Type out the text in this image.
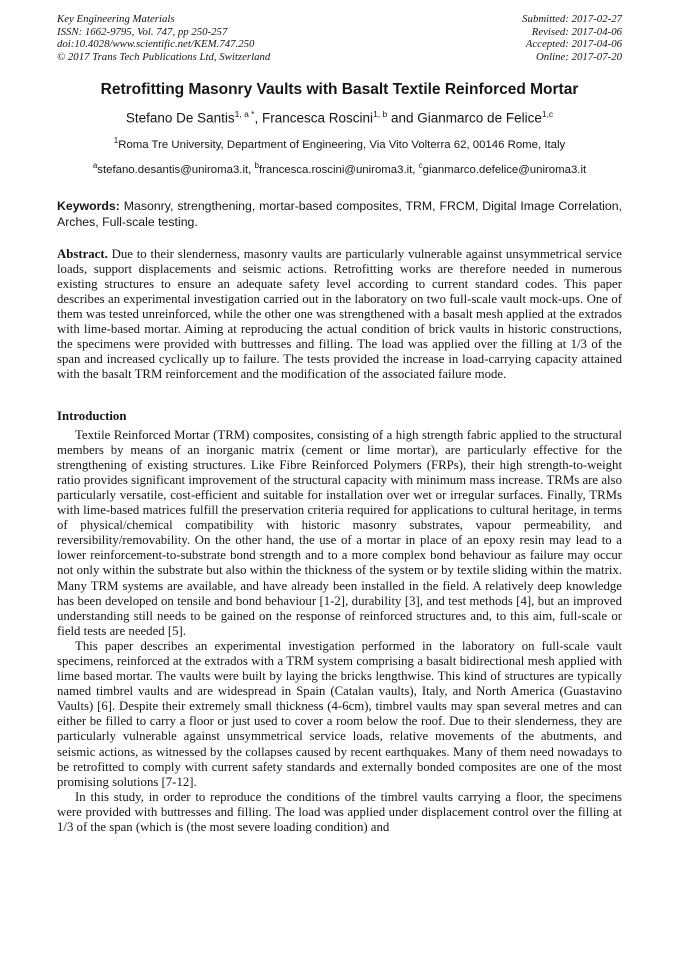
Key Engineering Materials
ISSN: 1662-9795, Vol. 747, pp 250-257
doi:10.4028/www.scientific.net/KEM.747.250
© 2017 Trans Tech Publications Ltd, Switzerland
Submitted: 2017-02-27
Revised: 2017-04-06
Accepted: 2017-04-06
Online: 2017-07-20
Retrofitting Masonry Vaults with Basalt Textile Reinforced Mortar
Stefano De Santis$^{1, a *}$, Francesca Roscini$^{1, b}$ and Gianmarco de Felice$^{1,c}$
$^1$Roma Tre University, Department of Engineering, Via Vito Volterra 62, 00146 Rome, Italy
$^a$stefano.desantis@uniroma3.it, $^b$francesca.roscini@uniroma3.it, $^c$gianmarco.defelice@uniroma3.it

Keywords: Masonry, strengthening, mortar-based composites, TRM, FRCM, Digital Image Correlation, Arches, Full-scale testing.

Abstract. Due to their slenderness, masonry vaults are particularly vulnerable against unsymmetrical service loads, support displacements and seismic actions. Retrofitting works are therefore needed in numerous existing structures to ensure an adequate safety level according to current standard codes. This paper describes an experimental investigation carried out in the laboratory on two full-scale vault mock-ups. One of them was tested unreinforced, while the other one was strengthened with a basalt mesh applied at the extrados with lime-based mortar. Aiming at reproducing the actual condition of brick vaults in historic constructions, the specimens were provided with buttresses and filling. The load was applied over the filling at 1/3 of the span and increased cyclically up to failure. The tests provided the increase in load-carrying capacity attained with the basalt TRM reinforcement and the modification of the associated failure mode.

Introduction

Textile Reinforced Mortar (TRM) composites, consisting of a high strength fabric applied to the structural members by means of an inorganic matrix (cement or lime mortar), are particularly effective for the strengthening of existing structures. Like Fibre Reinforced Polymers (FRPs), their high strength-to-weight ratio provides significant improvement of the structural capacity with minimum mass increase. TRMs are also particularly versatile, cost-efficient and suitable for installation over wet or irregular surfaces. Finally, TRMs with lime-based matrices fulfill the preservation criteria required for applications to cultural heritage, in terms of physical/chemical compatibility with historic masonry substrates, vapour permeability, and reversibility/removability. On the other hand, the use of a mortar in place of an epoxy resin may lead to a lower reinforcement-to-substrate bond strength and to a more complex bond behaviour as failure may occur not only within the substrate but also within the thickness of the system or by textile sliding within the matrix. Many TRM systems are available, and have already been installed in the field. A relatively deep knowledge has been developed on tensile and bond behaviour [1-2], durability [3], and test methods [4], but an improved understanding still needs to be gained on the response of reinforced structures and, to this aim, full-scale or field tests are needed [5].

This paper describes an experimental investigation performed in the laboratory on full-scale vault specimens, reinforced at the extrados with a TRM system comprising a basalt bidirectional mesh applied with lime based mortar. The vaults were built by laying the bricks lengthwise. This kind of structures are typically named timbrel vaults and are widespread in Spain (Catalan vaults), Italy, and North America (Guastavino Vaults) [6]. Despite their extremely small thickness (4-6cm), timbrel vaults may span several metres and can either be filled to carry a floor or just used to cover a room below the roof. Due to their slenderness, they are particularly vulnerable against unsymmetrical service loads, relative movements of the abutments, and seismic actions, as witnessed by the collapses caused by recent earthquakes. Many of them need nowadays to be retrofitted to comply with current safety standards and externally bonded composites are one of the most promising solutions [7-12].

In this study, in order to reproduce the conditions of the timbrel vaults carrying a floor, the specimens were provided with buttresses and filling. The load was applied under displacement control over the filling at 1/3 of the span (which is (the most severe loading condition) and
